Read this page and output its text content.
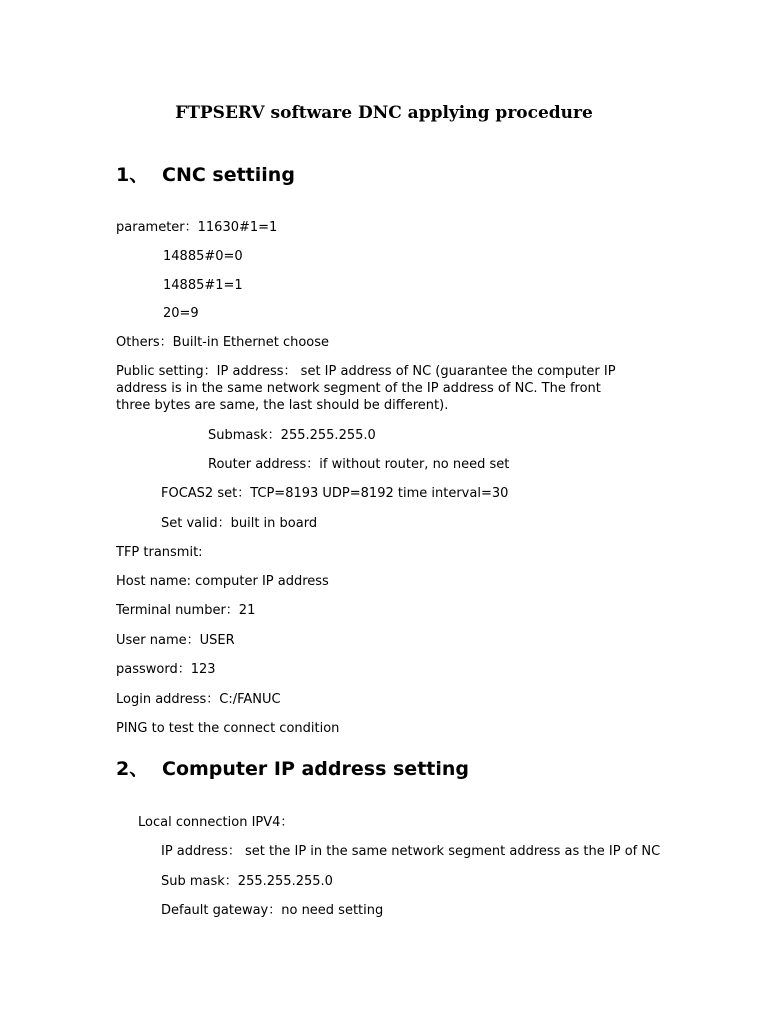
FTPSERV software DNC applying procedure
1、 CNC settiing
parameter：11630#1=1
14885#0=0
14885#1=1
20=9
Others：Built-in Ethernet choose
Public setting：IP address： set IP address of NC (guarantee the computer IP address is in the same network segment of the IP address of NC. The front three bytes are same, the last should be different).
Submask：255.255.255.0
Router address：if without router, no need set
FOCAS2 set：TCP=8193 UDP=8192 time interval=30
Set valid：built in board
TFP transmit:
Host name: computer IP address
Terminal number：21
User name：USER
password：123
Login address：C:/FANUC
PING to test the connect condition
2、 Computer IP address setting
Local connection IPV4：
IP address： set the IP in the same network segment address as the IP of NC
Sub mask：255.255.255.0
Default gateway：no need setting
